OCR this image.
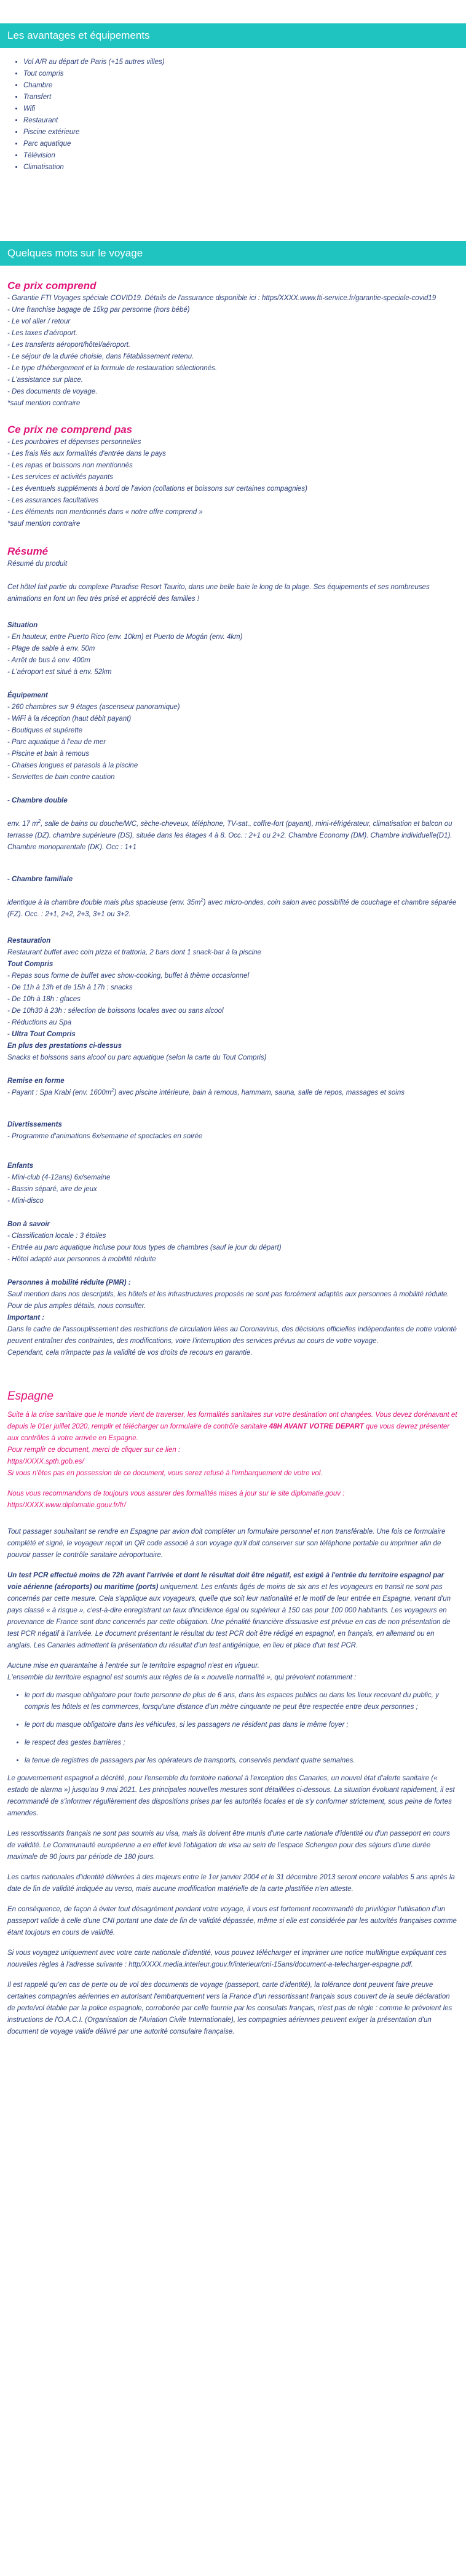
Les avantages et équipements
• Vol A/R au départ de Paris (+15 autres villes)
• Tout compris
• Chambre
• Transfert
• Wifi
• Restaurant
• Piscine extérieure
• Parc aquatique
• Télévision
• Climatisation
Quelques mots sur le voyage
Ce prix comprend
- Garantie FTI Voyages spéciale COVID19. Détails de l'assurance disponible ici : https/XXXX.www.fti-service.fr/garantie-speciale-covid19
- Une franchise bagage de 15kg par personne (hors bébé)
- Le vol aller / retour
- Les taxes d'aéroport.
- Les transferts aéroport/hôtel/aéroport.
- Le séjour de la durée choisie, dans l'établissement retenu.
- Le type d'hébergement et la formule de restauration sélectionnés.
- L'assistance sur place.
- Des documents de voyage.
*sauf mention contraire
Ce prix ne comprend pas
- Les pourboires et dépenses personnelles
- Les frais liés aux formalités d'entrée dans le pays
- Les repas et boissons non mentionnés
- Les services et activités payants
- Les éventuels suppléments à bord de l'avion (collations et boissons sur certaines compagnies)
- Les assurances facultatives
- Les éléments non mentionnés dans « notre offre comprend »
*sauf mention contraire
Résumé
Résumé du produit

Cet hôtel fait partie du complexe Paradise Resort Taurito, dans une belle baie le long de la plage. Ses équipements et ses nombreuses animations en font un lieu très prisé et apprécié des familles !

Situation
- En hauteur, entre Puerto Rico (env. 10km) et Puerto de Mogán (env. 4km)
- Plage de sable à env. 50m
- Arrêt de bus à env. 400m
- L'aéroport est situé à env. 52km
Équipement
- 260 chambres sur 9 étages (ascenseur panoramique)
- WiFi à la réception (haut débit payant)
- Boutiques et supérette
- Parc aquatique à l'eau de mer
- Piscine et bain à remous
- Chaises longues et parasols à la piscine
- Serviettes de bain contre caution
- Chambre double

env. 17 $m^2$, salle de bains ou douche/WC, sèche-cheveux, téléphone, TV-sat., coffre-fort (payant), mini-réfrigérateur, climatisation et balcon ou terrasse (DZ). chambre supérieure (DS), située dans les étages 4 à 8. Occ. : 2+1 ou 2+2. Chambre Economy (DM). Chambre individuelle(D1). Chambre monoparentale (DK). Occ : 1+1

- Chambre familiale

identique à la chambre double mais plus spacieuse (env. $35m^2$) avec micro-ondes, coin salon avec possibilité de couchage et chambre séparée (FZ). Occ. : 2+1, 2+2, 2+3, 3+1 ou 3+2.

Restauration
Restaurant buffet avec coin pizza et trattoria, 2 bars dont 1 snack-bar à la piscine
Tout Compris
- Repas sous forme de buffet avec show-cooking, buffet à thème occasionnel
- De 11h à 13h et de 15h à 17h : snacks
- De 10h à 18h : glaces
- De 10h30 à 23h : sélection de boissons locales avec ou sans alcool
- Réductions au Spa
- Ultra Tout Compris
En plus des prestations ci-dessus
Snacks et boissons sans alcool ou parc aquatique (selon la carte du Tout Compris)
Remise en forme

- Payant : Spa Krabi (env. $1600m^2$) avec piscine intérieure, bain à remous, hammam, sauna, salle de repos, massages et soins

Divertissements
- Programme d'animations 6x/semaine et spectacles en soirée
Enfants
- Mini-club (4-12ans) 6x/semaine
- Bassin séparé, aire de jeux
- Mini-disco
Bon à savoir
- Classification locale : 3 étoiles
- Entrée au parc aquatique incluse pour tous types de chambres (sauf le jour du départ)
- Hôtel adapté aux personnes à mobilité réduite
Personnes à mobilité réduite (PMR) :
Sauf mention dans nos descriptifs, les hôtels et les infrastructures proposés ne sont pas forcément adaptés aux personnes à mobilité réduite. Pour de plus amples détails, nous consulter.
Important :
Dans le cadre de l'assouplissement des restrictions de circulation liées au Coronavirus, des décisions officielles indépendantes de notre volonté peuvent entraîner des contraintes, des modifications, voire l'interruption des services prévus au cours de votre voyage.
Cependant, cela n'impacte pas la validité de vos droits de recours en garantie.
Espagne

Suite à la crise sanitaire que le monde vient de traverser, les formalités sanitaires sur votre destination ont changées. Vous devez dorénavant et depuis le 01er juillet 2020, remplir et télécharger un formulaire de contrôle sanitaire 48H AVANT VOTRE DEPART que vous devrez présenter aux contrôles à votre arrivée en Espagne.
Pour remplir ce document, merci de cliquer sur ce lien :
https/XXXX.spth.gob.es/
Si vous n'êtes pas en possession de ce document, vous serez refusé à l'embarquement de votre vol.

Nous vous recommandons de toujours vous assurer des formalités mises à jour sur le site diplomatie.gouv : https/XXXX.www.diplomatie.gouv.fr/fr/

Tout passager souhaitant se rendre en Espagne par avion doit compléter un formulaire personnel et non transférable. Une fois ce formulaire complété et signé, le voyageur reçoit un QR code associé à son voyage qu'il doit conserver sur son téléphone portable ou imprimer afin de pouvoir passer le contrôle sanitaire aéroportuaire.

Un test PCR effectué moins de 72h avant l'arrivée et dont le résultat doit être négatif, est exigé à l'entrée du territoire espagnol par voie aérienne (aéroports) ou maritime (ports) uniquement. Les enfants âgés de moins de six ans et les voyageurs en transit ne sont pas concernés par cette mesure. Cela s'applique aux voyageurs, quelle que soit leur nationalité et le motif de leur entrée en Espagne, venant d'un pays classé « à risque », c'est-à-dire enregistrant un taux d'incidence égal ou supérieur à 150 cas pour 100 000 habitants. Les voyageurs en provenance de France sont donc concernés par cette obligation. Une pénalité financière dissuasive est prévue en cas de non présentation de test PCR négatif à l'arrivée. Le document présentant le résultat du test PCR doit être rédigé en espagnol, en français, en allemand ou en anglais. Les Canaries admettent la présentation du résultat d'un test antigénique, en lieu et place d'un test PCR.

Aucune mise en quarantaine à l'entrée sur le territoire espagnol n'est en vigueur.
L'ensemble du territoire espagnol est soumis aux règles de la « nouvelle normalité », qui prévoient notamment :
• le port du masque obligatoire pour toute personne de plus de 6 ans, dans les espaces publics ou dans les lieux recevant du public, y compris les hôtels et les commerces, lorsqu'une distance d'un mètre cinquante ne peut être respectée entre deux personnes ;
• le port du masque obligatoire dans les véhicules, si les passagers ne résident pas dans le même foyer ;
• le respect des gestes barrières ;
• la tenue de registres de passagers par les opérateurs de transports, conservés pendant quatre semaines.

Le gouvernement espagnol a décrété, pour l'ensemble du territoire national à l'exception des Canaries, un nouvel état d'alerte sanitaire (« estado de alarma ») jusqu'au 9 mai 2021. Les principales nouvelles mesures sont détaillées ci-dessous. La situation évoluant rapidement, il est recommandé de s'informer régulièrement des dispositions prises par les autorités locales et de s'y conformer strictement, sous peine de fortes amendes.

Les ressortissants français ne sont pas soumis au visa, mais ils doivent être munis d'une carte nationale d'identité ou d'un passeport en cours de validité. Le Communauté européenne a en effet levé l'obligation de visa au sein de l'espace Schengen pour des séjours d'une durée maximale de 90 jours par période de 180 jours.

Les cartes nationales d'identité délivrées à des majeurs entre le 1er janvier 2004 et le 31 décembre 2013 seront encore valables 5 ans après la date de fin de validité indiquée au verso, mais aucune modification matérielle de la carte plastifiée n'en atteste.

En conséquence, de façon à éviter tout désagrément pendant votre voyage, il vous est fortement recommandé de privilégier l'utilisation d'un passeport valide à celle d'une CNI portant une date de fin de validité dépassée, même si elle est considérée par les autorités françaises comme étant toujours en cours de validité.

Si vous voyagez uniquement avec votre carte nationale d'identité, vous pouvez télécharger et imprimer une notice multilingue expliquant ces nouvelles règles à l'adresse suivante : http/XXXX.media.interieur.gouv.fr/interieur/cni-15ans/document-a-telecharger-espagne.pdf.

Il est rappelé qu'en cas de perte ou de vol des documents de voyage (passeport, carte d'identité), la tolérance dont peuvent faire preuve certaines compagnies aériennes en autorisant l'embarquement vers la France d'un ressortissant français sous couvert de la seule déclaration de perte/vol établie par la police espagnole, corroborée par celle fournie par les consulats français, n'est pas de règle : comme le prévoient les instructions de l'O.A.C.I. (Organisation de l'Aviation Civile Internationale), les compagnies aériennes peuvent exiger la présentation d'un document de voyage valide délivré par une autorité consulaire française.
